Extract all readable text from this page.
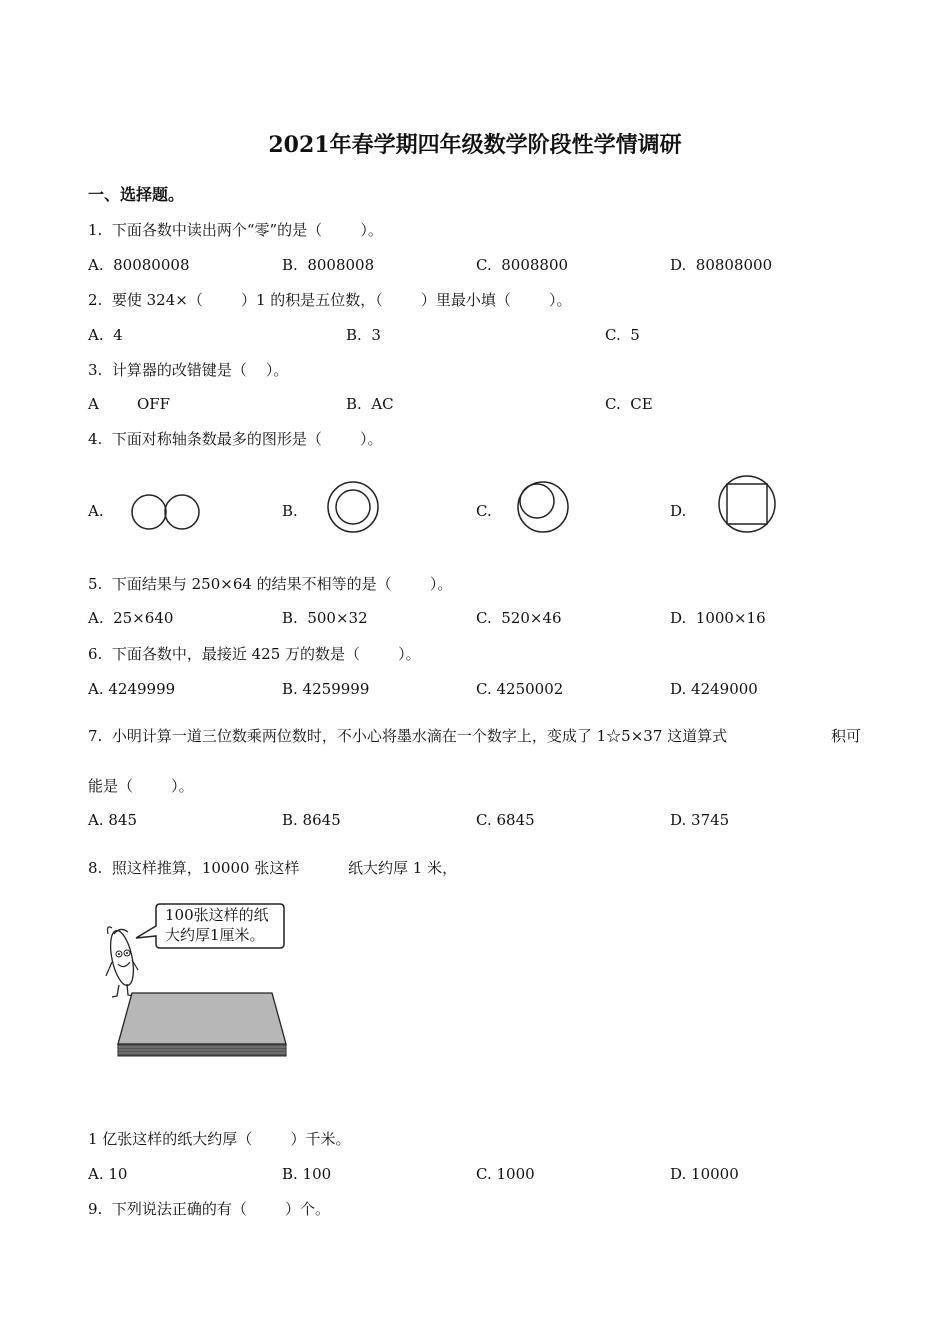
2021年春学期四年级数学阶段性学情调研
一、选择题。
1.  下面各数中读出两个“零”的是（        ）。
A.  80080008	B.  8008008	C.  8008800	D.  80808000
2.  要使 324×（        ）1 的积是五位数，（        ）里最小填（        ）。
A.  4	B.  3	C.  5
3.  计算器的改错键是（    ）。
A        OFF	B.  AC	C.  CE
4.  下面对称轴条数最多的图形是（        ）。
A.	B.	C.	D.
5.  下面结果与 250×64 的结果不相等的是（        ）。
A.  25×640	B.  500×32	C.  520×46	D.  1000×16
6.  下面各数中，最接近 425 万的数是（        ）。
A. 4249999	B. 4259999	C. 4250002	D. 4249000
7.  小明计算一道三位数乘两位数时，不小心将墨水滴在一个数字上，变成了 1☆5×37 这道算式	积可
能是（        ）。
A. 845	B. 8645	C. 6845	D. 3745
8.  照这样推算，10000 张这样	纸大约厚 1 米，
100张这样的纸
大约厚1厘米。
1 亿张这样的纸大约厚（        ）千米。
A. 10	B. 100	C. 1000	D. 10000
9.  下列说法正确的有（        ）个。
